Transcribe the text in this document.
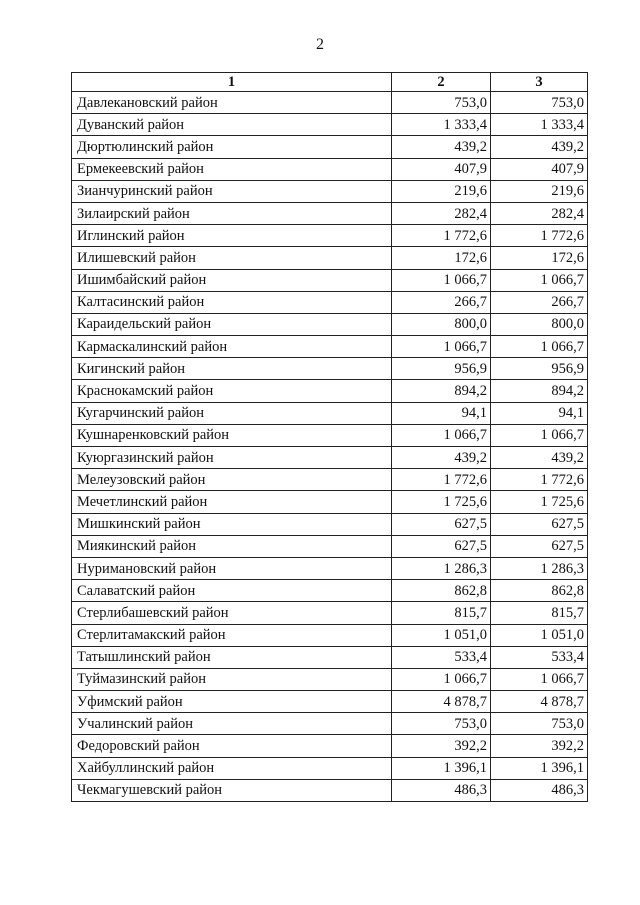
2
1	2	3
Давлекановский район	753,0	753,0
Дуванский район	1 333,4	1 333,4
Дюртюлинский район	439,2	439,2
Ермекеевский район	407,9	407,9
Зианчуринский район	219,6	219,6
Зилаирский район	282,4	282,4
Иглинский район	1 772,6	1 772,6
Илишевский район	172,6	172,6
Ишимбайский район	1 066,7	1 066,7
Калтасинский район	266,7	266,7
Караидельский район	800,0	800,0
Кармаскалинский район	1 066,7	1 066,7
Кигинский район	956,9	956,9
Краснокамский район	894,2	894,2
Кугарчинский район	94,1	94,1
Кушнаренковский район	1 066,7	1 066,7
Куюргазинский район	439,2	439,2
Мелеузовский район	1 772,6	1 772,6
Мечетлинский район	1 725,6	1 725,6
Мишкинский район	627,5	627,5
Миякинский район	627,5	627,5
Нуримановский район	1 286,3	1 286,3
Салаватский район	862,8	862,8
Стерлибашевский район	815,7	815,7
Стерлитамакский район	1 051,0	1 051,0
Татышлинский район	533,4	533,4
Туймазинский район	1 066,7	1 066,7
Уфимский район	4 878,7	4 878,7
Учалинский район	753,0	753,0
Федоровский район	392,2	392,2
Хайбуллинский район	1 396,1	1 396,1
Чекмагушевский район	486,3	486,3
